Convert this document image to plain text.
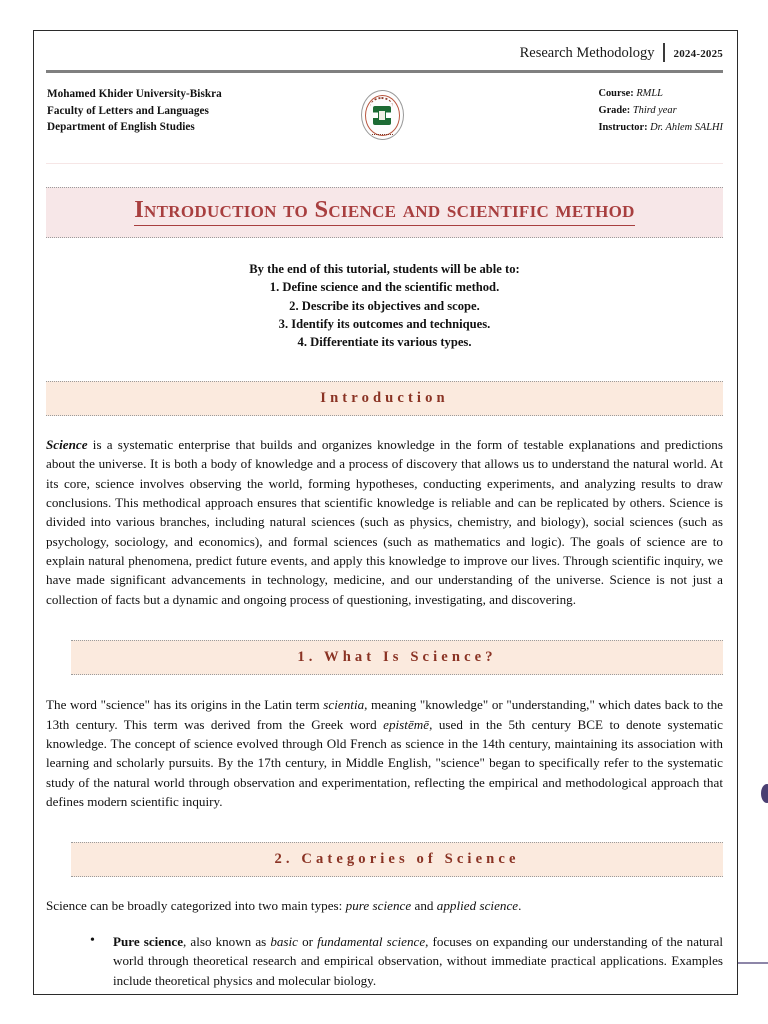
Research Methodology	2024-2025
Mohamed Khider University-Biskra
Faculty of Letters and Languages
Department of English Studies
Course: RMLL
Grade: Third year
Instructor: Dr. Ahlem SALHI
Introduction to Science and scientific method
By the end of this tutorial, students will be able to:
1. Define science and the scientific method.
2. Describe its objectives and scope.
3. Identify its outcomes and techniques.
4. Differentiate its various types.
Introduction

Science is a systematic enterprise that builds and organizes knowledge in the form of testable explanations and predictions about the universe. It is both a body of knowledge and a process of discovery that allows us to understand the natural world. At its core, science involves observing the world, forming hypotheses, conducting experiments, and analyzing results to draw conclusions. This methodical approach ensures that scientific knowledge is reliable and can be replicated by others. Science is divided into various branches, including natural sciences (such as physics, chemistry, and biology), social sciences (such as psychology, sociology, and economics), and formal sciences (such as mathematics and logic). The goals of science are to explain natural phenomena, predict future events, and apply this knowledge to improve our lives. Through scientific inquiry, we have made significant advancements in technology, medicine, and our understanding of the universe. Science is not just a collection of facts but a dynamic and ongoing process of questioning, investigating, and discovering.

1. What Is Science?

The word "science" has its origins in the Latin term scientia, meaning "knowledge" or "understanding," which dates back to the 13th century. This term was derived from the Greek word epistēmē, used in the 5th century BCE to denote systematic knowledge. The concept of science evolved through Old French as science in the 14th century, maintaining its association with learning and scholarly pursuits. By the 17th century, in Middle English, "science" began to specifically refer to the systematic study of the natural world through observation and experimentation, reflecting the empirical and methodological approach that defines modern scientific inquiry.

2. Categories of Science

Science can be broadly categorized into two main types: pure science and applied science.

• Pure science, also known as basic or fundamental science, focuses on expanding our understanding of the natural world through theoretical research and empirical observation, without immediate practical applications. Examples include theoretical physics and molecular biology.
